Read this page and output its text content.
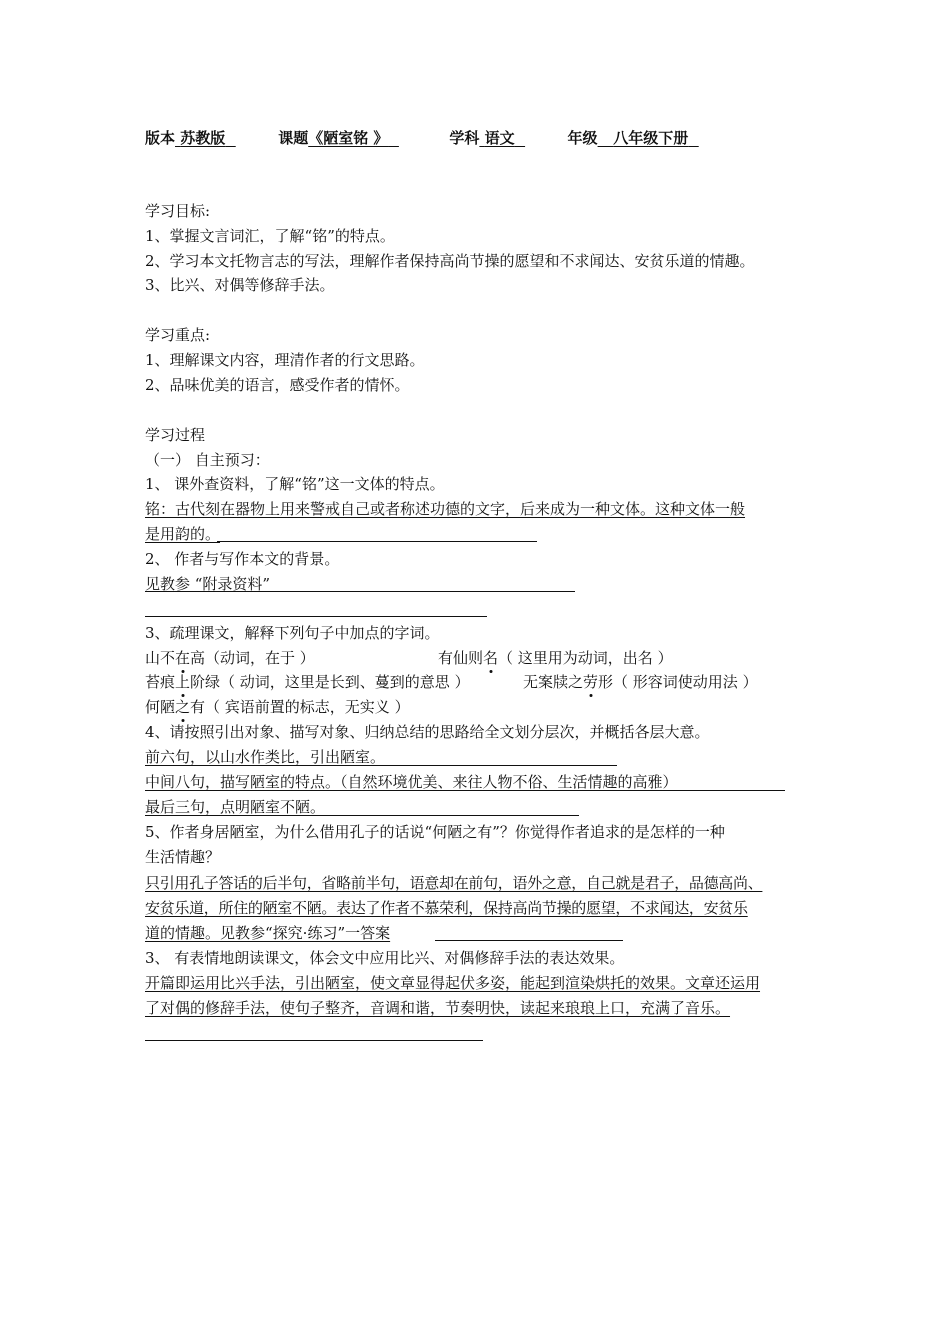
版本 苏教版	课题《陋室铭 》	学科 语文	年级 八年级下册
学习目标:
1、掌握文言词汇，了解“铭”的特点。
2、学习本文托物言志的写法，理解作者保持高尚节操的愿望和不求闻达、安贫乐道的情趣。
3、比兴、对偶等修辞手法。
学习重点:
1、理解课文内容，理清作者的行文思路。
2、品味优美的语言，感受作者的情怀。
学习过程
（一） 自主预习：
1、 课外查资料，了解“铭”这一文体的特点。
铭：古代刻在器物上用来警戒自己或者称述功德的文字，后来成为一种文体。这种文体一般
是用韵的。
2、 作者与写作本文的背景。
见教参 “附录资料”
3、疏理课文，解释下列句子中加点的字词。
山不在高（动词，在于 ）	有仙则名（ 这里用为动词，出名 ）
苔痕上阶绿（ 动词，这里是长到、蔓到的意思 ）	无案牍之劳形（ 形容词使动用法 ）
何陋之有（ 宾语前置的标志，无实义 ）
4、请按照引出对象、描写对象、归纳总结的思路给全文划分层次，并概括各层大意。
前六句，以山水作类比，引出陋室。
中间八句，描写陋室的特点。（自然环境优美、来往人物不俗、生活情趣的高雅）
最后三句，点明陋室不陋。
5、作者身居陋室，为什么借用孔子的话说“何陋之有”？你觉得作者追求的是怎样的一种
生活情趣？
只引用孔子答话的后半句，省略前半句，语意却在前句，语外之意，自己就是君子，品德高尚、
安贫乐道，所住的陋室不陋。表达了作者不慕荣利，保持高尚节操的愿望，不求闻达，安贫乐
道的情趣。见教参“探究·练习”一答案
3、 有表情地朗读课文，体会文中应用比兴、对偶修辞手法的表达效果。
开篇即运用比兴手法，引出陋室，使文章显得起伏多姿，能起到渲染烘托的效果。文章还运用
了对偶的修辞手法，使句子整齐，音调和谐，节奏明快，读起来琅琅上口，充满了音乐。
